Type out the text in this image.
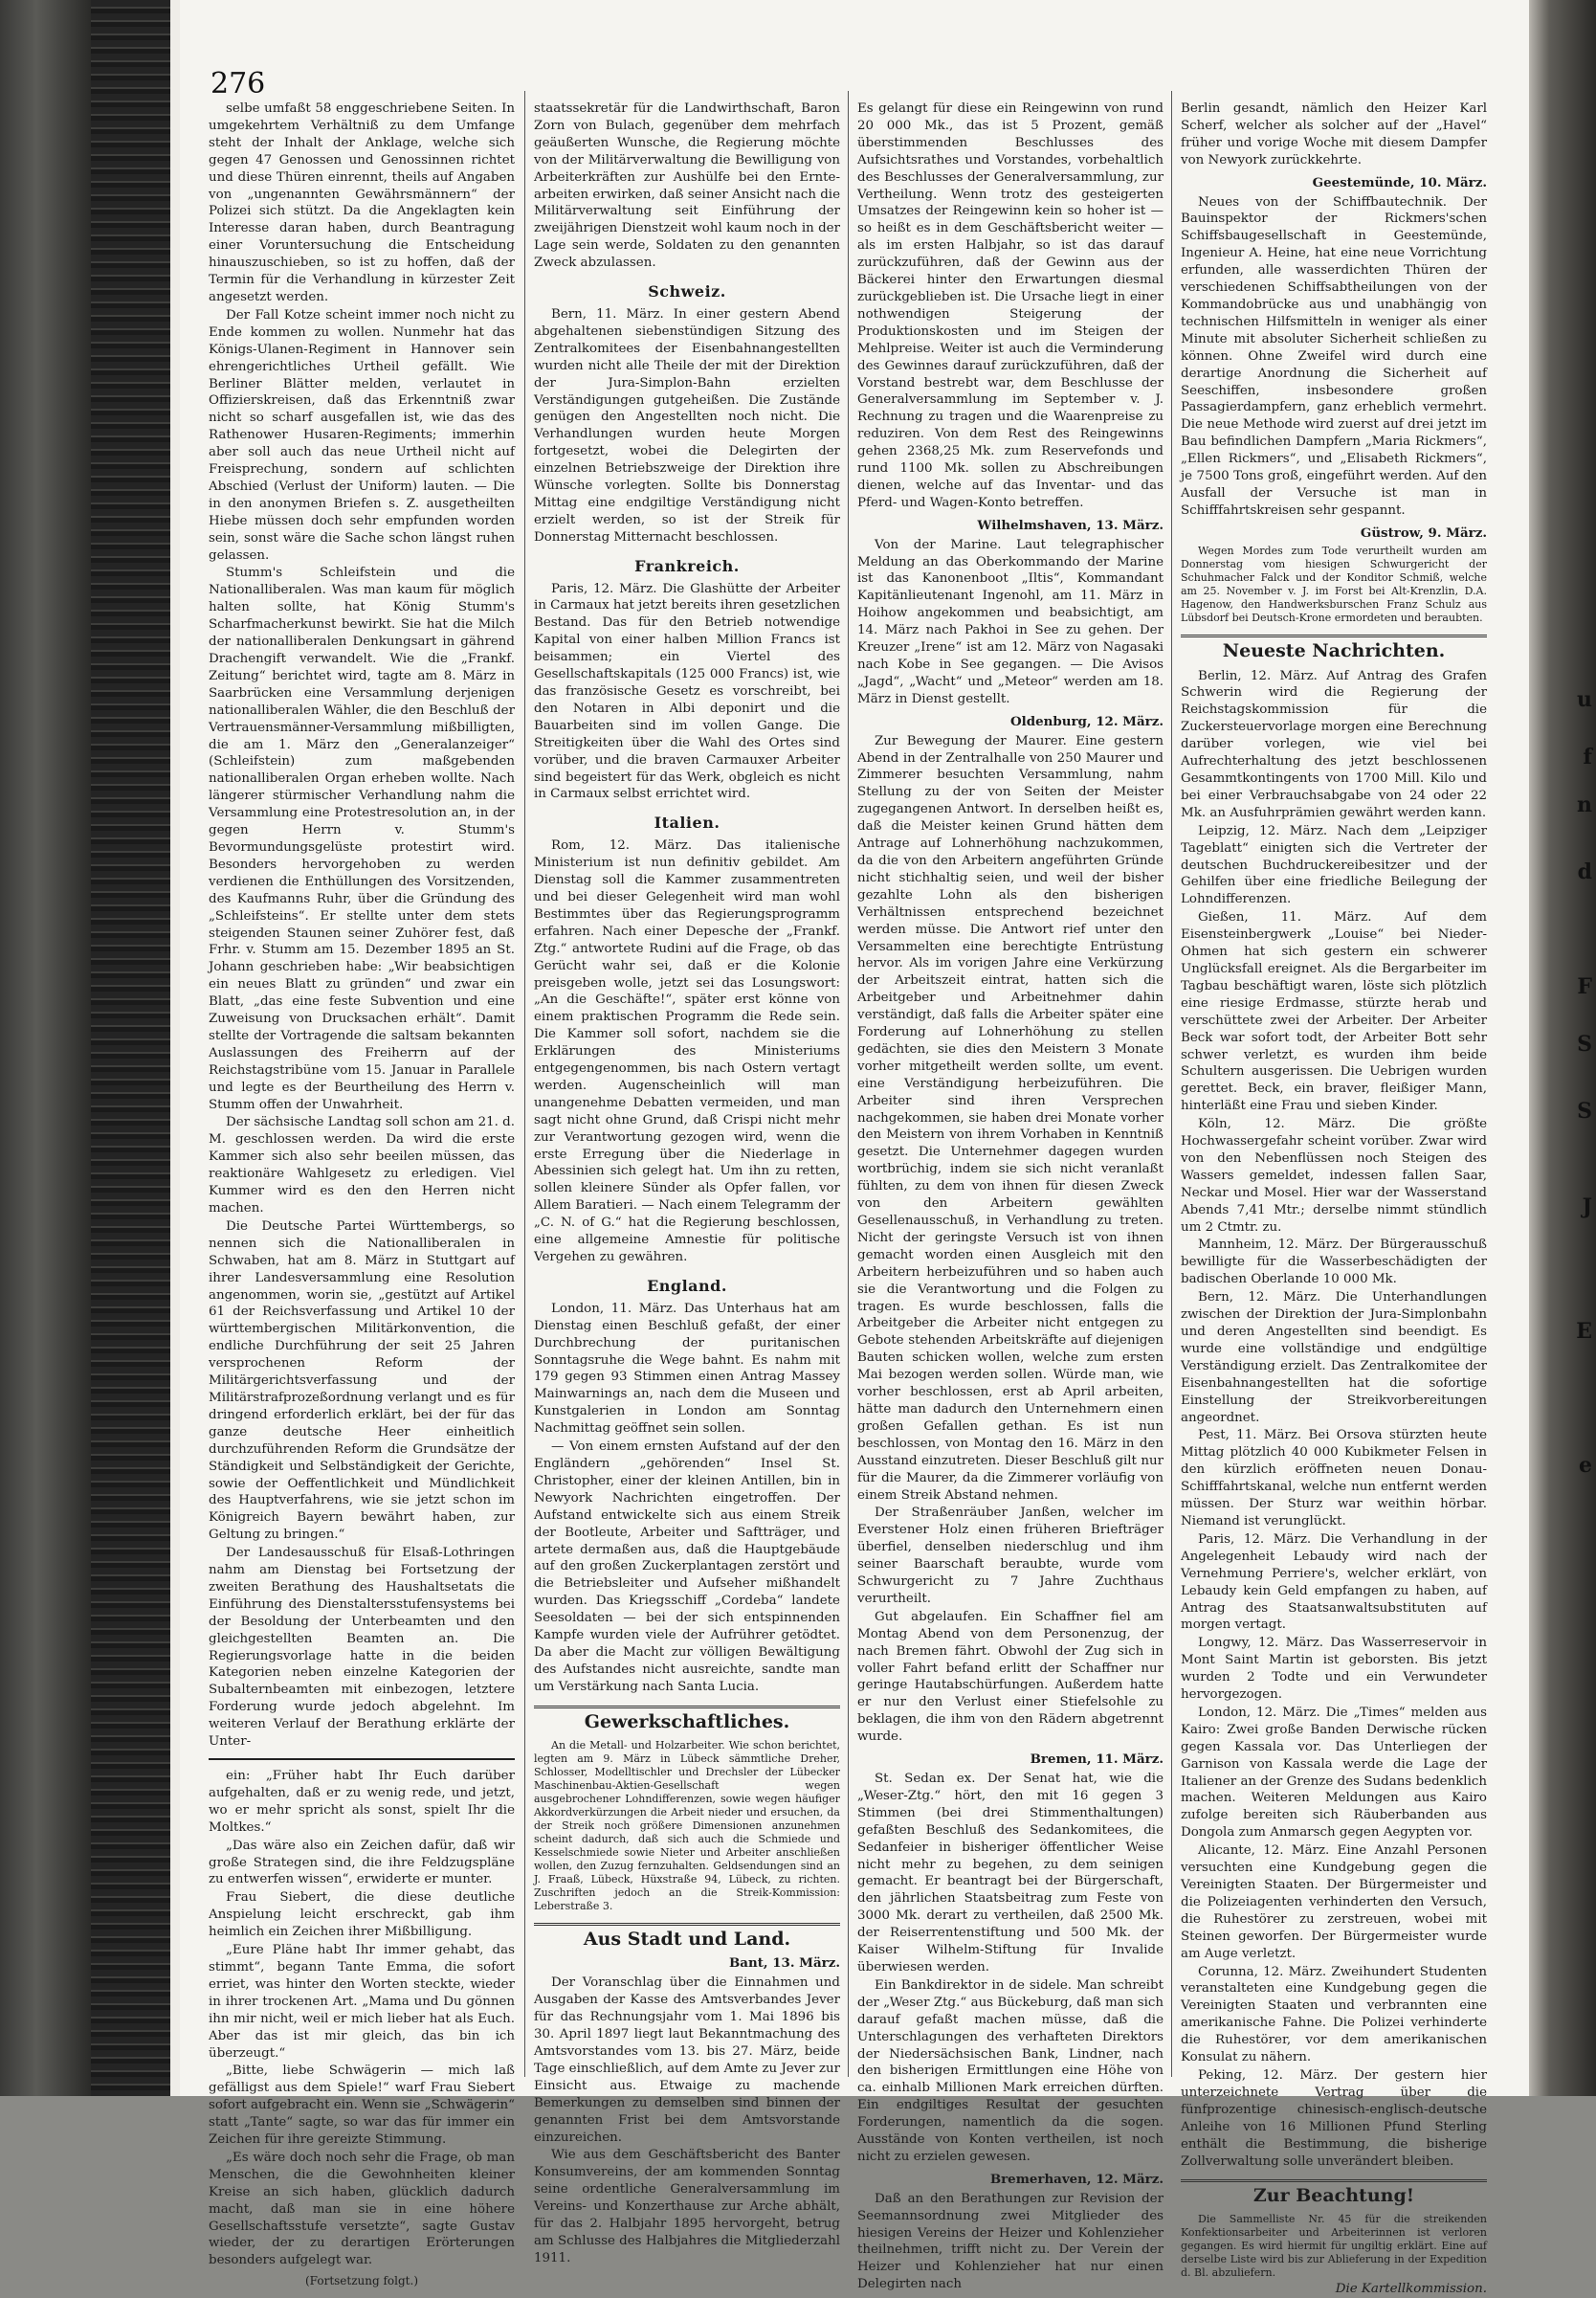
276

selbe umfaßt 58 enggeschriebene Seiten. In umgekehrtem Verhältniß zu dem Umfange steht der Inhalt der Anklage, welche sich gegen 47 Genossen und Genossinnen richtet und diese Thüren einrennt, theils auf Angaben von „ungenannten Gewährsmännern“ der Polizei sich stützt. Da die Angeklagten kein Interesse daran haben, durch Beantragung einer Voruntersuchung die Entscheidung hinauszuschieben, so ist zu hoffen, daß der Termin für die Verhandlung in kürzester Zeit angesetzt werden.

Der Fall Kotze scheint immer noch nicht zu Ende kommen zu wollen. Nunmehr hat das Königs-Ulanen-Regiment in Hannover sein ehrengerichtliches Urtheil gefällt. Wie Berliner Blätter melden, verlautet in Offizierskreisen, daß das Erkenntniß zwar nicht so scharf ausgefallen ist, wie das des Rathenower Husaren-Regiments; immerhin aber soll auch das neue Urtheil nicht auf Freisprechung, sondern auf schlichten Abschied (Verlust der Uniform) lauten. — Die in den anonymen Briefen s. Z. ausgetheilten Hiebe müssen doch sehr empfunden worden sein, sonst wäre die Sache schon längst ruhen gelassen.

Stumm's Schleifstein und die Nationalliberalen. Was man kaum für möglich halten sollte, hat König Stumm's Scharfmacherkunst bewirkt. Sie hat die Milch der nationalliberalen Denkungsart in gährend Drachengift verwandelt. Wie die „Frankf. Zeitung“ berichtet wird, tagte am 8. März in Saarbrücken eine Versammlung derjenigen nationalliberalen Wähler, die den Beschluß der Vertrauensmänner-Versammlung mißbilligten, die am 1. März den „Generalanzeiger“ (Schleifstein) zum maßgebenden nationalliberalen Organ erheben wollte. Nach längerer stürmischer Verhandlung nahm die Versammlung eine Protestresolution an, in der gegen Herrn v. Stumm's Bevormundungsgelüste protestirt wird. Besonders hervorgehoben zu werden verdienen die Enthüllungen des Vorsitzenden, des Kaufmanns Ruhr, über die Gründung des „Schleifsteins“. Er stellte unter dem stets steigenden Staunen seiner Zuhörer fest, daß Frhr. v. Stumm am 15. Dezember 1895 an St. Johann geschrieben habe: „Wir beabsichtigen ein neues Blatt zu gründen“ und zwar ein Blatt, „das eine feste Subvention und eine Zuweisung von Drucksachen erhält“. Damit stellte der Vortragende die saltsam bekannten Auslassungen des Freiherrn auf der Reichstagstribüne vom 15. Januar in Parallele und legte es der Beurtheilung des Herrn v. Stumm offen der Unwahrheit.

Der sächsische Landtag soll schon am 21. d. M. geschlossen werden. Da wird die erste Kammer sich also sehr beeilen müssen, das reaktionäre Wahlgesetz zu erledigen. Viel Kummer wird es den den Herren nicht machen.

Die Deutsche Partei Württembergs, so nennen sich die Nationalliberalen in Schwaben, hat am 8. März in Stuttgart auf ihrer Landesversammlung eine Resolution angenommen, worin sie, „gestützt auf Artikel 61 der Reichsverfassung und Artikel 10 der württembergischen Militärkonvention, die endliche Durchführung der seit 25 Jahren versprochenen Reform der Militärgerichtsverfassung und der Militärstrafprozeßordnung verlangt und es für dringend erforderlich erklärt, bei der für das ganze deutsche Heer einheitlich durchzuführenden Reform die Grundsätze der Ständigkeit und Selbständigkeit der Gerichte, sowie der Oeffentlichkeit und Mündlichkeit des Hauptverfahrens, wie sie jetzt schon im Königreich Bayern bewährt haben, zur Geltung zu bringen.“

Der Landesausschuß für Elsaß-Lothringen nahm am Dienstag bei Fortsetzung der zweiten Berathung des Haushaltsetats die Einführung des Dienstaltersstufensystems bei der Besoldung der Unterbeamten und den gleichgestellten Beamten an. Die Regierungsvorlage hatte in die beiden Kategorien neben einzelne Kategorien der Subalternbeamten mit einbezogen, letztere Forderung wurde jedoch abgelehnt. Im weiteren Verlauf der Berathung erklärte der Unter-

ein: „Früher habt Ihr Euch darüber aufgehalten, daß er zu wenig rede, und jetzt, wo er mehr spricht als sonst, spielt Ihr die Moltkes.“

„Das wäre also ein Zeichen dafür, daß wir große Strategen sind, die ihre Feldzugspläne zu entwerfen wissen“, erwiderte er munter.

Frau Siebert, die diese deutliche Anspielung leicht erschreckt, gab ihm heimlich ein Zeichen ihrer Mißbilligung.

„Eure Pläne habt Ihr immer gehabt, das stimmt“, begann Tante Emma, die sofort erriet, was hinter den Worten steckte, wieder in ihrer trockenen Art. „Mama und Du gönnen ihn mir nicht, weil er mich lieber hat als Euch. Aber das ist mir gleich, das bin ich überzeugt.“

„Bitte, liebe Schwägerin — mich laß gefälligst aus dem Spiele!“ warf Frau Siebert sofort aufgebracht ein. Wenn sie „Schwägerin“ statt „Tante“ sagte, so war das für immer ein Zeichen für ihre gereizte Stimmung.

„Es wäre doch noch sehr die Frage, ob man Menschen, die die Gewohnheiten kleiner Kreise an sich haben, glücklich dadurch macht, daß man sie in eine höhere Gesellschaftsstufe versetzte“, sagte Gustav wieder, der zu derartigen Erörterungen besonders aufgelegt war.

(Fortsetzung folgt.)

staatssekretär für die Landwirthschaft, Baron Zorn von Bulach, gegenüber dem mehrfach geäußerten Wunsche, die Regierung möchte von der Militärverwaltung die Bewilligung von Arbeiterkräften zur Aushülfe bei den Ernte-arbeiten erwirken, daß seiner Ansicht nach die Militärverwaltung seit Einführung der zweijährigen Dienstzeit wohl kaum noch in der Lage sein werde, Soldaten zu den genannten Zweck abzulassen.

Schweiz.

Bern, 11. März. In einer gestern Abend abgehaltenen siebenstündigen Sitzung des Zentralkomitees der Eisenbahnangestellten wurden nicht alle Theile der mit der Direktion der Jura-Simplon-Bahn erzielten Verständigungen gutgeheißen. Die Zustände genügen den Angestellten noch nicht. Die Verhandlungen wurden heute Morgen fortgesetzt, wobei die Delegirten der einzelnen Betriebszweige der Direktion ihre Wünsche vorlegten. Sollte bis Donnerstag Mittag eine endgiltige Verständigung nicht erzielt werden, so ist der Streik für Donnerstag Mitternacht beschlossen.

Frankreich.

Paris, 12. März. Die Glashütte der Arbeiter in Carmaux hat jetzt bereits ihren gesetzlichen Bestand. Das für den Betrieb notwendige Kapital von einer halben Million Francs ist beisammen; ein Viertel des Gesellschaftskapitals (125 000 Francs) ist, wie das französische Gesetz es vorschreibt, bei den Notaren in Albi deponirt und die Bauarbeiten sind im vollen Gange. Die Streitigkeiten über die Wahl des Ortes sind vorüber, und die braven Carmauxer Arbeiter sind begeistert für das Werk, obgleich es nicht in Carmaux selbst errichtet wird.

Italien.

Rom, 12. März. Das italienische Ministerium ist nun definitiv gebildet. Am Dienstag soll die Kammer zusammentreten und bei dieser Gelegenheit wird man wohl Bestimmtes über das Regierungsprogramm erfahren. Nach einer Depesche der „Frankf. Ztg.“ antwortete Rudini auf die Frage, ob das Gerücht wahr sei, daß er die Kolonie preisgeben wolle, jetzt sei das Losungswort: „An die Geschäfte!“, später erst könne von einem praktischen Programm die Rede sein. Die Kammer soll sofort, nachdem sie die Erklärungen des Ministeriums entgegengenommen, bis nach Ostern vertagt werden. Augenscheinlich will man unangenehme Debatten vermeiden, und man sagt nicht ohne Grund, daß Crispi nicht mehr zur Verantwortung gezogen wird, wenn die erste Erregung über die Niederlage in Abessinien sich gelegt hat. Um ihn zu retten, sollen kleinere Sünder als Opfer fallen, vor Allem Baratieri. — Nach einem Telegramm der „C. N. of G.“ hat die Regierung beschlossen, eine allgemeine Amnestie für politische Vergehen zu gewähren.

England.

London, 11. März. Das Unterhaus hat am Dienstag einen Beschluß gefaßt, der einer Durchbrechung der puritanischen Sonntagsruhe die Wege bahnt. Es nahm mit 179 gegen 93 Stimmen einen Antrag Massey Mainwarnings an, nach dem die Museen und Kunstgalerien in London am Sonntag Nachmittag geöffnet sein sollen.

— Von einem ernsten Aufstand auf der den Engländern „gehörenden“ Insel St. Christopher, einer der kleinen Antillen, bin in Newyork Nachrichten eingetroffen. Der Aufstand entwickelte sich aus einem Streik der Bootleute, Arbeiter und Saftträger, und artete dermaßen aus, daß die Hauptgebäude auf den großen Zuckerplantagen zerstört und die Betriebsleiter und Aufseher mißhandelt wurden. Das Kriegsschiff „Cordeba“ landete Seesoldaten — bei der sich entspinnenden Kampfe wurden viele der Aufrührer getödtet. Da aber die Macht zur völligen Bewältigung des Aufstandes nicht ausreichte, sandte man um Verstärkung nach Santa Lucia.

Gewerkschaftliches.

An die Metall- und Holzarbeiter. Wie schon berichtet, legten am 9. März in Lübeck sämmtliche Dreher, Schlosser, Modelltischler und Drechsler der Lübecker Maschinenbau-Aktien-Gesellschaft wegen ausgebrochener Lohndifferenzen, sowie wegen häufiger Akkordverkürzungen die Arbeit nieder und ersuchen, da der Streik noch größere Dimensionen anzunehmen scheint dadurch, daß sich auch die Schmiede und Kesselschmiede sowie Nieter und Arbeiter anschließen wollen, den Zuzug fernzuhalten. Geldsendungen sind an J. Fraaß, Lübeck, Hüxstraße 94, Lübeck, zu richten. Zuschriften jedoch an die Streik-Kommission: Leberstraße 3.

Aus Stadt und Land.
Bant, 13. März.

Der Voranschlag über die Einnahmen und Ausgaben der Kasse des Amtsverbandes Jever für das Rechnungsjahr vom 1. Mai 1896 bis 30. April 1897 liegt laut Bekanntmachung des Amtsvorstandes vom 13. bis 27. März, beide Tage einschließlich, auf dem Amte zu Jever zur Einsicht aus. Etwaige zu machende Bemerkungen zu demselben sind binnen der genannten Frist bei dem Amtsvorstande einzureichen.

Wie aus dem Geschäftsbericht des Banter Konsumvereins, der am kommenden Sonntag seine ordentliche Generalversammlung im Vereins- und Konzerthause zur Arche abhält, für das 2. Halbjahr 1895 hervorgeht, betrug am Schlusse des Halbjahres die Mitgliederzahl 1911.

Es gelangt für diese ein Reingewinn von rund 20 000 Mk., das ist 5 Prozent, gemäß überstimmenden Beschlusses des Aufsichtsrathes und Vorstandes, vorbehaltlich des Beschlusses der Generalversammlung, zur Vertheilung. Wenn trotz des gesteigerten Umsatzes der Reingewinn kein so hoher ist — so heißt es in dem Geschäftsbericht weiter — als im ersten Halbjahr, so ist das darauf zurückzuführen, daß der Gewinn aus der Bäckerei hinter den Erwartungen diesmal zurückgeblieben ist. Die Ursache liegt in einer nothwendigen Steigerung der Produktionskosten und im Steigen der Mehlpreise. Weiter ist auch die Verminderung des Gewinnes darauf zurückzuführen, daß der Vorstand bestrebt war, dem Beschlusse der Generalversammlung im September v. J. Rechnung zu tragen und die Waarenpreise zu reduziren. Von dem Rest des Reingewinns gehen 2368,25 Mk. zum Reservefonds und rund 1100 Mk. sollen zu Abschreibungen dienen, welche auf das Inventar- und das Pferd- und Wagen-Konto betreffen.

Wilhelmshaven, 13. März.

Von der Marine. Laut telegraphischer Meldung an das Oberkommando der Marine ist das Kanonenboot „Iltis“, Kommandant Kapitänlieutenant Ingenohl, am 11. März in Hoihow angekommen und beabsichtigt, am 14. März nach Pakhoi in See zu gehen. Der Kreuzer „Irene“ ist am 12. März von Nagasaki nach Kobe in See gegangen. — Die Avisos „Jagd“, „Wacht“ und „Meteor“ werden am 18. März in Dienst gestellt.

Oldenburg, 12. März.

Zur Bewegung der Maurer. Eine gestern Abend in der Zentralhalle von 250 Maurer und Zimmerer besuchten Versammlung, nahm Stellung zu der von Seiten der Meister zugegangenen Antwort. In derselben heißt es, daß die Meister keinen Grund hätten dem Antrage auf Lohnerhöhung nachzukommen, da die von den Arbeitern angeführten Gründe nicht stichhaltig seien, und weil der bisher gezahlte Lohn als den bisherigen Verhältnissen entsprechend bezeichnet werden müsse. Die Antwort rief unter den Versammelten eine berechtigte Entrüstung hervor. Als im vorigen Jahre eine Verkürzung der Arbeitszeit eintrat, hatten sich die Arbeitgeber und Arbeitnehmer dahin verständigt, daß falls die Arbeiter später eine Forderung auf Lohnerhöhung zu stellen gedächten, sie dies den Meistern 3 Monate vorher mitgetheilt werden sollte, um event. eine Verständigung herbeizuführen. Die Arbeiter sind ihren Versprechen nachgekommen, sie haben drei Monate vorher den Meistern von ihrem Vorhaben in Kenntniß gesetzt. Die Unternehmer dagegen wurden wortbrüchig, indem sie sich nicht veranlaßt fühlten, zu dem von ihnen für diesen Zweck von den Arbeitern gewählten Gesellenausschuß, in Verhandlung zu treten. Nicht der geringste Versuch ist von ihnen gemacht worden einen Ausgleich mit den Arbeitern herbeizuführen und so haben auch sie die Verantwortung und die Folgen zu tragen. Es wurde beschlossen, falls die Arbeitgeber die Arbeiter nicht entgegen zu Gebote stehenden Arbeitskräfte auf diejenigen Bauten schicken wollen, welche zum ersten Mai bezogen werden sollen. Würde man, wie vorher beschlossen, erst ab April arbeiten, hätte man dadurch den Unternehmern einen großen Gefallen gethan. Es ist nun beschlossen, von Montag den 16. März in den Ausstand einzutreten. Dieser Beschluß gilt nur für die Maurer, da die Zimmerer vorläufig von einem Streik Abstand nehmen.

Der Straßenräuber Janßen, welcher im Everstener Holz einen früheren Briefträger überfiel, denselben niederschlug und ihm seiner Baarschaft beraubte, wurde vom Schwurgericht zu 7 Jahre Zuchthaus verurtheilt.

Gut abgelaufen. Ein Schaffner fiel am Montag Abend von dem Personenzug, der nach Bremen fährt. Obwohl der Zug sich in voller Fahrt befand erlitt der Schaffner nur geringe Hautabschürfungen. Außerdem hatte er nur den Verlust einer Stiefelsohle zu beklagen, die ihm von den Rädern abgetrennt wurde.

Bremen, 11. März.

St. Sedan ex. Der Senat hat, wie die „Weser-Ztg.“ hört, den mit 16 gegen 3 Stimmen (bei drei Stimmenthaltungen) gefaßten Beschluß des Sedankomitees, die Sedanfeier in bisheriger öffentlicher Weise nicht mehr zu begehen, zu dem seinigen gemacht. Er beantragt bei der Bürgerschaft, den jährlichen Staatsbeitrag zum Feste von 3000 Mk. derart zu vertheilen, daß 2500 Mk. der Reiserrentenstiftung und 500 Mk. der Kaiser Wilhelm-Stiftung für Invalide überwiesen werden.

Ein Bankdirektor in de sidele. Man schreibt der „Weser Ztg.“ aus Bückeburg, daß man sich darauf gefaßt machen müsse, daß die Unterschlagungen des verhafteten Direktors der Niedersächsischen Bank, Lindner, nach den bisherigen Ermittlungen eine Höhe von ca. einhalb Millionen Mark erreichen dürften. Ein endgiltiges Resultat der gesuchten Forderungen, namentlich da die sogen. Ausstände von Konten vertheilen, ist noch nicht zu erzielen gewesen.

Bremerhaven, 12. März.

Daß an den Berathungen zur Revision der Seemannsordnung zwei Mitglieder des hiesigen Vereins der Heizer und Kohlenzieher theilnehmen, trifft nicht zu. Der Verein der Heizer und Kohlenzieher hat nur einen Delegirten nach

Berlin gesandt, nämlich den Heizer Karl Scherf, welcher als solcher auf der „Havel“ früher und vorige Woche mit diesem Dampfer von Newyork zurückkehrte.

Geestemünde, 10. März.

Neues von der Schiffbautechnik. Der Bauinspektor der Rickmers'schen Schiffsbaugesellschaft in Geestemünde, Ingenieur A. Heine, hat eine neue Vorrichtung erfunden, alle wasserdichten Thüren der verschiedenen Schiffsabtheilungen von der Kommandobrücke aus und unabhängig von technischen Hilfsmitteln in weniger als einer Minute mit absoluter Sicherheit schließen zu können. Ohne Zweifel wird durch eine derartige Anordnung die Sicherheit auf Seeschiffen, insbesondere großen Passagierdampfern, ganz erheblich vermehrt. Die neue Methode wird zuerst auf drei jetzt im Bau befindlichen Dampfern „Maria Rickmers“, „Ellen Rickmers“, und „Elisabeth Rickmers“, je 7500 Tons groß, eingeführt werden. Auf den Ausfall der Versuche ist man in Schifffahrtskreisen sehr gespannt.

Güstrow, 9. März.

Wegen Mordes zum Tode verurtheilt wurden am Donnerstag vom hiesigen Schwurgericht der Schuhmacher Falck und der Konditor Schmiß, welche am 25. November v. J. im Forst bei Alt-Krenzlin, D.A. Hagenow, den Handwerksburschen Franz Schulz aus Lübsdorf bei Deutsch-Krone ermordeten und beraubten.

Neueste Nachrichten.

Berlin, 12. März. Auf Antrag des Grafen Schwerin wird die Regierung der Reichstagskommission für die Zuckersteuervorlage morgen eine Berechnung darüber vorlegen, wie viel bei Aufrechterhaltung des jetzt beschlossenen Gesammtkontingents von 1700 Mill. Kilo und bei einer Verbrauchsabgabe von 24 oder 22 Mk. an Ausfuhrprämien gewährt werden kann.

Leipzig, 12. März. Nach dem „Leipziger Tageblatt“ einigten sich die Vertreter der deutschen Buchdruckereibesitzer und der Gehilfen über eine friedliche Beilegung der Lohndifferenzen.

Gießen, 11. März. Auf dem Eisensteinbergwerk „Louise“ bei Nieder-Ohmen hat sich gestern ein schwerer Unglücksfall ereignet. Als die Bergarbeiter im Tagbau beschäftigt waren, löste sich plötzlich eine riesige Erdmasse, stürzte herab und verschüttete zwei der Arbeiter. Der Arbeiter Beck war sofort todt, der Arbeiter Bott sehr schwer verletzt, es wurden ihm beide Schultern ausgerissen. Die Uebrigen wurden gerettet. Beck, ein braver, fleißiger Mann, hinterläßt eine Frau und sieben Kinder.

Köln, 12. März. Die größte Hochwassergefahr scheint vorüber. Zwar wird von den Nebenflüssen noch Steigen des Wassers gemeldet, indessen fallen Saar, Neckar und Mosel. Hier war der Wasserstand Abends 7,41 Mtr.; derselbe nimmt stündlich um 2 Ctmtr. zu.

Mannheim, 12. März. Der Bürgerausschuß bewilligte für die Wasserbeschädigten der badischen Oberlande 10 000 Mk.

Bern, 12. März. Die Unterhandlungen zwischen der Direktion der Jura-Simplonbahn und deren Angestellten sind beendigt. Es wurde eine vollständige und endgültige Verständigung erzielt. Das Zentralkomitee der Eisenbahnangestellten hat die sofortige Einstellung der Streikvorbereitungen angeordnet.

Pest, 11. März. Bei Orsova stürzten heute Mittag plötzlich 40 000 Kubikmeter Felsen in den kürzlich eröffneten neuen Donau-Schifffahrtskanal, welche nun entfernt werden müssen. Der Sturz war weithin hörbar. Niemand ist verunglückt.

Paris, 12. März. Die Verhandlung in der Angelegenheit Lebaudy wird nach der Vernehmung Perriere's, welcher erklärt, von Lebaudy kein Geld empfangen zu haben, auf Antrag des Staatsanwaltsubstituten auf morgen vertagt.

Longwy, 12. März. Das Wasserreservoir in Mont Saint Martin ist geborsten. Bis jetzt wurden 2 Todte und ein Verwundeter hervorgezogen.

London, 12. März. Die „Times“ melden aus Kairo: Zwei große Banden Derwische rücken gegen Kassala vor. Das Unterliegen der Garnison von Kassala werde die Lage der Italiener an der Grenze des Sudans bedenklich machen. Weiteren Meldungen aus Kairo zufolge bereiten sich Räuberbanden aus Dongola zum Anmarsch gegen Aegypten vor.

Alicante, 12. März. Eine Anzahl Personen versuchten eine Kundgebung gegen die Vereinigten Staaten. Der Bürgermeister und die Polizeiagenten verhinderten den Versuch, die Ruhestörer zu zerstreuen, wobei mit Steinen geworfen. Der Bürgermeister wurde am Auge verletzt.

Corunna, 12. März. Zweihundert Studenten veranstalteten eine Kundgebung gegen die Vereinigten Staaten und verbrannten eine amerikanische Fahne. Die Polizei verhinderte die Ruhestörer, vor dem amerikanischen Konsulat zu nähern.

Peking, 12. März. Der gestern hier unterzeichnete Vertrag über die fünfprozentige chinesisch-englisch-deutsche Anleihe von 16 Millionen Pfund Sterling enthält die Bestimmung, die bisherige Zollverwaltung solle unverändert bleiben.

Zur Beachtung!

Die Sammelliste Nr. 45 für die streikenden Konfektionsarbeiter und Arbeiterinnen ist verloren gegangen. Es wird hiermit für ungiltig erklärt. Eine auf derselbe Liste wird bis zur Ablieferung in der Expedition d. Bl. abzuliefern.

Die Kartellkommission.
u
f
n
d
F
S
S
J
E
e
